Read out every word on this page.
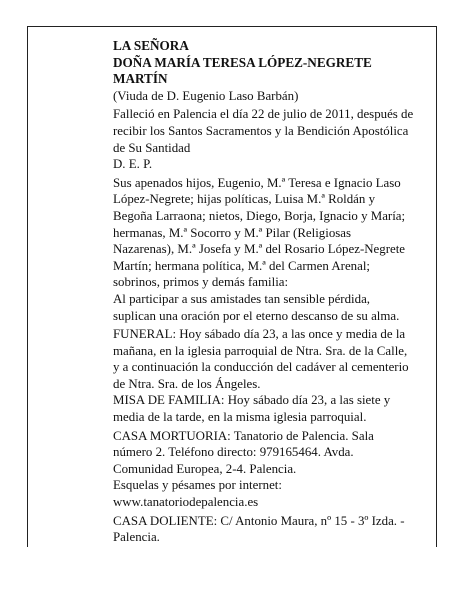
LA SEÑORA

DOÑA MARÍA TERESA LÓPEZ-NEGRETE MARTÍN

(Viuda de D. Eugenio Laso Barbán)

Falleció en Palencia el día 22 de julio de 2011, después de recibir los Santos Sacramentos y la Bendición Apostólica de Su Santidad

D. E. P.

Sus apenados hijos, Eugenio, M.ª Teresa e Ignacio Laso López-Negrete; hijas políticas, Luisa M.ª Roldán y Begoña Larraona; nietos, Diego, Borja, Ignacio y María; hermanas, M.ª Socorro y M.ª Pilar (Religiosas Nazarenas), M.ª Josefa y M.ª del Rosario López-Negrete Martín; hermana política, M.ª del Carmen Arenal; sobrinos, primos y demás familia:

Al participar a sus amistades tan sensible pérdida, suplican una oración por el eterno descanso de su alma.

FUNERAL: Hoy sábado día 23, a las once y media de la mañana, en la iglesia parroquial de Ntra. Sra. de la Calle, y a continuación la conducción del cadáver al cementerio de Ntra. Sra. de los Ángeles.

MISA DE FAMILIA: Hoy sábado día 23, a las siete y media de la tarde, en la misma iglesia parroquial.

CASA MORTUORIA: Tanatorio de Palencia. Sala número 2. Teléfono directo: 979165464. Avda. Comunidad Europea, 2-4. Palencia.

Esquelas y pésames por internet: www.tanatoriodepalencia.es

CASA DOLIENTE: C/ Antonio Maura, nº 15 - 3º Izda. - Palencia.
